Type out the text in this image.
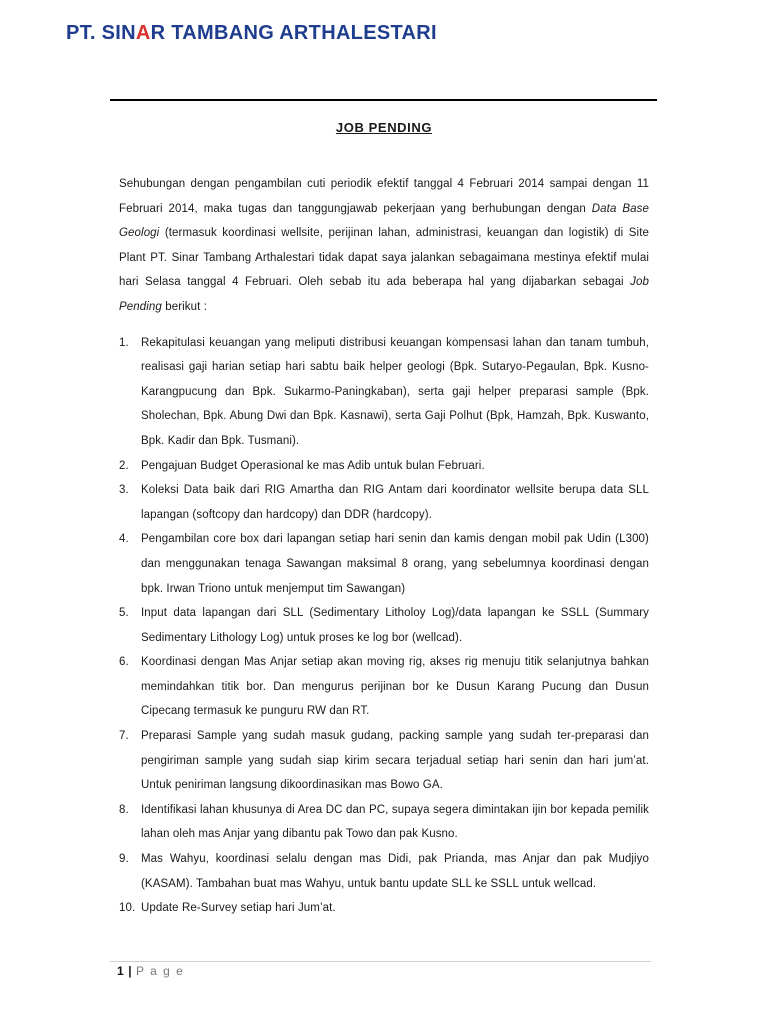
PT. SINAR TAMBANG ARTHALESTARI
JOB PENDING

Sehubungan dengan pengambilan cuti periodik efektif tanggal 4 Februari 2014 sampai dengan 11 Februari 2014, maka tugas dan tanggungjawab pekerjaan yang berhubungan dengan Data Base Geologi (termasuk koordinasi wellsite, perijinan lahan, administrasi, keuangan dan logistik) di Site Plant PT. Sinar Tambang Arthalestari tidak dapat saya jalankan sebagaimana mestinya efektif mulai hari Selasa tanggal 4 Februari. Oleh sebab itu ada beberapa hal yang dijabarkan sebagai Job Pending berikut :

1.	Rekapitulasi keuangan yang meliputi distribusi keuangan kompensasi lahan dan tanam tumbuh, realisasi gaji harian setiap hari sabtu baik helper geologi (Bpk. Sutaryo-Pegaulan, Bpk. Kusno-Karangpucung dan Bpk. Sukarmo-Paningkaban), serta gaji helper preparasi sample (Bpk. Sholechan, Bpk. Abung Dwi dan Bpk. Kasnawi), serta Gaji Polhut (Bpk, Hamzah, Bpk. Kuswanto, Bpk. Kadir dan Bpk. Tusmani).
2.	Pengajuan Budget Operasional ke mas Adib untuk bulan Februari.
3.	Koleksi Data baik dari RIG Amartha dan RIG Antam dari koordinator wellsite berupa data SLL lapangan (softcopy dan hardcopy) dan DDR (hardcopy).
4.	Pengambilan core box dari lapangan setiap hari senin dan kamis dengan mobil pak Udin (L300) dan menggunakan tenaga Sawangan maksimal 8 orang, yang sebelumnya koordinasi dengan bpk. Irwan Triono untuk menjemput tim Sawangan)
5.	Input data lapangan dari SLL (Sedimentary Litholoy Log)/data lapangan ke SSLL (Summary Sedimentary Lithology Log) untuk proses ke log bor (wellcad).
6.	Koordinasi dengan Mas Anjar setiap akan moving rig, akses rig menuju titik selanjutnya bahkan memindahkan titik bor. Dan mengurus perijinan bor ke Dusun Karang Pucung dan Dusun Cipecang termasuk ke punguru RW dan RT.
7.	Preparasi Sample yang sudah masuk gudang, packing sample yang sudah ter-preparasi dan pengiriman sample yang sudah siap kirim secara terjadual setiap hari senin dan hari jum’at. Untuk peniriman langsung dikoordinasikan mas Bowo GA.
8.	Identifikasi lahan khusunya di Area DC dan PC, supaya segera dimintakan ijin bor kepada pemilik lahan oleh mas Anjar yang dibantu pak Towo dan pak Kusno.
9.	Mas Wahyu, koordinasi selalu dengan mas Didi, pak Prianda, mas Anjar dan pak Mudjiyo (KASAM). Tambahan buat mas Wahyu, untuk bantu update SLL ke SSLL untuk wellcad.
10. Update Re-Survey setiap hari Jum’at.
1 | P a g e
